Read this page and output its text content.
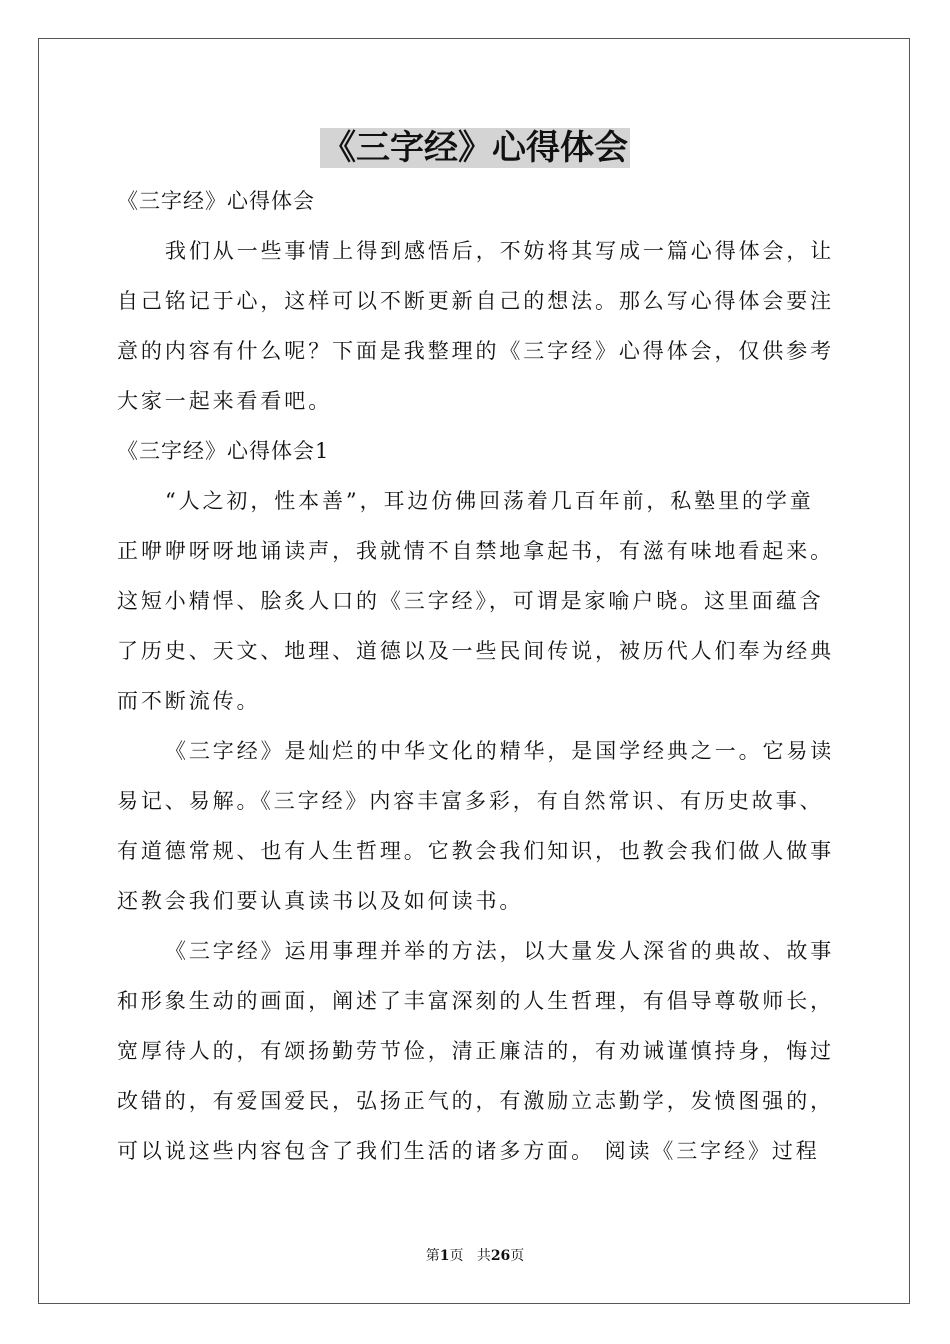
《三字经》心得体会
《三字经》心得体会
我们从一些事情上得到感悟后，不妨将其写成一篇心得体会，让
自己铭记于心，这样可以不断更新自己的想法。那么写心得体会要注
意的内容有什么呢？下面是我整理的《三字经》心得体会，仅供参考
大家一起来看看吧。
《三字经》心得体会1
“人之初，性本善”，耳边仿佛回荡着几百年前，私塾里的学童
正咿咿呀呀地诵读声，我就情不自禁地拿起书，有滋有味地看起来。
这短小精悍、脍炙人口的《三字经》，可谓是家喻户晓。这里面蕴含
了历史、天文、地理、道德以及一些民间传说，被历代人们奉为经典
而不断流传。
《三字经》是灿烂的中华文化的精华，是国学经典之一。它易读
易记、易解。《三字经》内容丰富多彩，有自然常识、有历史故事、
有道德常规、也有人生哲理。它教会我们知识，也教会我们做人做事
还教会我们要认真读书以及如何读书。
《三字经》运用事理并举的方法，以大量发人深省的典故、故事
和形象生动的画面，阐述了丰富深刻的人生哲理，有倡导尊敬师长，
宽厚待人的，有颂扬勤劳节俭，清正廉洁的，有劝诫谨慎持身，悔过
改错的，有爱国爱民，弘扬正气的，有激励立志勤学，发愤图强的，
可以说这些内容包含了我们生活的诸多方面。 阅读《三字经》过程
第1页 共26页
